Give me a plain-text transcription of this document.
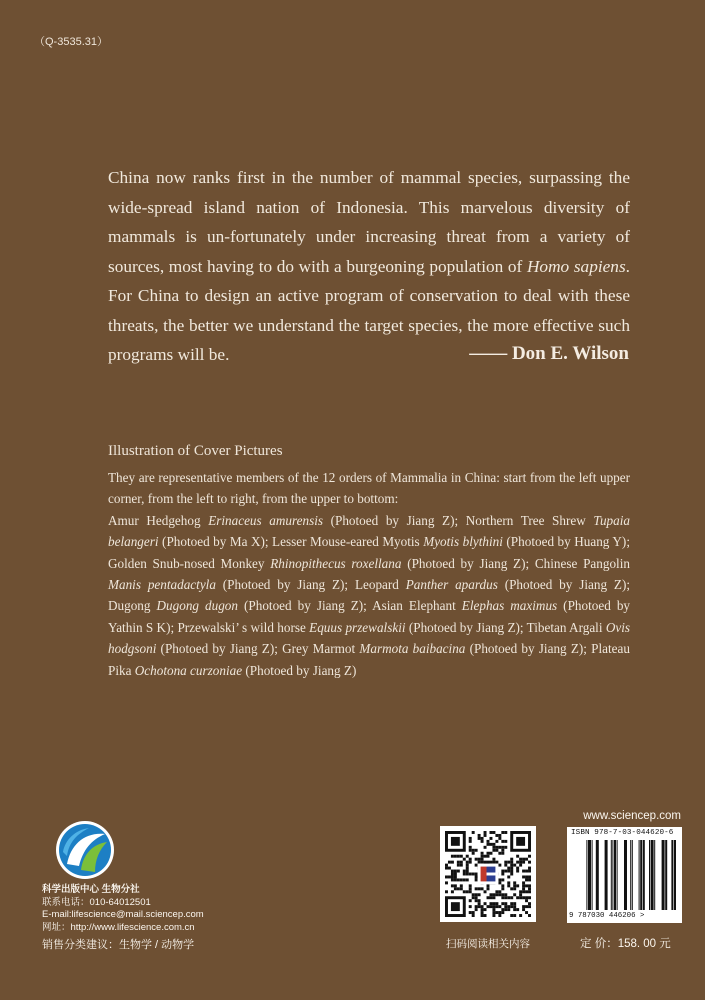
（Q-3535.31）

China now ranks first in the number of mammal species, surpassing the wide-spread island nation of Indonesia. This marvelous diversity of mammals is un-fortunately under increasing threat from a variety of sources, most having to do with a burgeoning population of Homo sapiens. For China to design an active program of conservation to deal with these threats, the better we understand the target species, the more effective such programs will be.	—— Don E. Wilson
Illustration of Cover Pictures

They are representative members of the 12 orders of Mammalia in China: start from the left upper corner, from the left to right, from the upper to bottom:
Amur Hedgehog Erinaceus amurensis (Photoed by Jiang Z); Northern Tree Shrew Tupaia belangeri (Photoed by Ma X); Lesser Mouse-eared Myotis Myotis blythini (Photoed by Huang Y); Golden Snub-nosed Monkey Rhinopithecus roxellana (Photoed by Jiang Z); Chinese Pangolin Manis pentadactyla (Photoed by Jiang Z); Leopard Panther apardus (Photoed by Jiang Z); Dugong Dugong dugon (Photoed by Jiang Z); Asian Elephant Elephas maximus (Photoed by Yathin S K); Przewalski’ s wild horse Equus przewalskii (Photoed by Jiang Z); Tibetan Argali Ovis hodgsoni (Photoed by Jiang Z); Grey Marmot Marmota baibacina (Photoed by Jiang Z); Plateau Pika Ochotona curzoniae (Photoed by Jiang Z)

科学出版中心 生物分社
联系电话：010-64012501
E-mail:lifescience@mail.sciencep.com
网址：http://www.lifescience.com.cn
销售分类建议：生物学 / 动物学	扫码阅读相关内容
www.sciencep.com
ISBN 978-7-03-044620-6
9 787030 446206 >
定 价：158. 00 元
